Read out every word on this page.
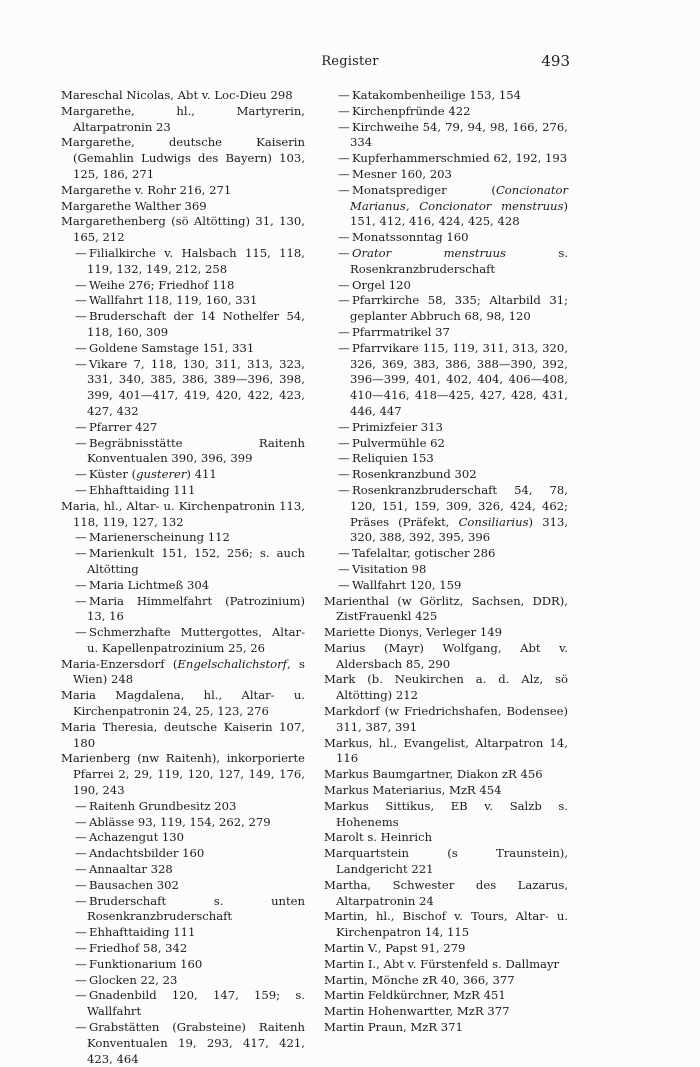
Register	493

Mareschal Nicolas, Abt v. Loc-Dieu 298

Margarethe, hl., Martyrerin, Altarpatronin 23

Margarethe, deutsche Kaiserin (Gemahlin Ludwigs des Bayern) 103, 125, 186, 271

Margarethe v. Rohr 216, 271

Margarethe Walther 369

Margarethenberg (sö Altötting) 31, 130, 165, 212

— Filialkirche v. Halsbach 115, 118, 119, 132, 149, 212, 258

— Weihe 276; Friedhof 118

— Wallfahrt 118, 119, 160, 331

— Bruderschaft der 14 Nothelfer 54, 118, 160, 309

— Goldene Samstage 151, 331

— Vikare 7, 118, 130, 311, 313, 323, 331, 340, 385, 386, 389—396, 398, 399, 401—417, 419, 420, 422, 423, 427, 432

— Pfarrer 427

— Begräbnisstätte Raitenh Konventualen 390, 396, 399

— Küster (gusterer) 411

— Ehhafttaiding 111

Maria, hl., Altar- u. Kirchenpatronin 113, 118, 119, 127, 132

— Marienerscheinung 112

— Marienkult 151, 152, 256; s. auch Altötting

— Maria Lichtmeß 304

— Maria Himmelfahrt (Patrozinium) 13, 16

— Schmerzhafte Muttergottes, Altar- u. Kapellenpatrozinium 25, 26

Maria-Enzersdorf (Engelschalichstorf, s Wien) 248

Maria Magdalena, hl., Altar- u. Kirchenpatronin 24, 25, 123, 276

Maria Theresia, deutsche Kaiserin 107, 180

Marienberg (nw Raitenh), inkorporierte Pfarrei 2, 29, 119, 120, 127, 149, 176, 190, 243

— Raitenh Grundbesitz 203

— Ablässe 93, 119, 154, 262, 279

— Achazengut 130

— Andachtsbilder 160

— Annaaltar 328

— Bausachen 302

— Bruderschaft s. unten Rosenkranzbruderschaft

— Ehhafttaiding 111

— Friedhof 58, 342

— Funktionarium 160

— Glocken 22, 23

— Gnadenbild 120, 147, 159; s. Wallfahrt

— Grabstätten (Grabsteine) Raitenh Konventualen 19, 293, 417, 421, 423, 464

— Katakombenheilige 153, 154

— Kirchenpfründe 422

— Kirchweihe 54, 79, 94, 98, 166, 276, 334

— Kupferhammerschmied 62, 192, 193

— Mesner 160, 203

— Monatsprediger (Concionator Marianus, Concionator menstruus) 151, 412, 416, 424, 425, 428

— Monatssonntag 160

— Orator menstruus s. Rosenkranzbruderschaft

— Orgel 120

— Pfarrkirche 58, 335; Altarbild 31; geplanter Abbruch 68, 98, 120

— Pfarrmatrikel 37

— Pfarrvikare 115, 119, 311, 313, 320, 326, 369, 383, 386, 388—390, 392, 396—399, 401, 402, 404, 406—408, 410—416, 418—425, 427, 428, 431, 446, 447

— Primizfeier 313

— Pulvermühle 62

— Reliquien 153

— Rosenkranzbund 302

— Rosenkranzbruderschaft 54, 78, 120, 151, 159, 309, 326, 424, 462; Präses (Präfekt, Consiliarius) 313, 320, 388, 392, 395, 396

— Tafelaltar, gotischer 286

— Visitation 98

— Wallfahrt 120, 159

Marienthal (w Görlitz, Sachsen, DDR), ZistFrauenkl 425

Mariette Dionys, Verleger 149

Marius (Mayr) Wolfgang, Abt v. Aldersbach 85, 290

Mark (b. Neukirchen a. d. Alz, sö Altötting) 212

Markdorf (w Friedrichshafen, Bodensee) 311, 387, 391

Markus, hl., Evangelist, Altarpatron 14, 116

Markus Baumgartner, Diakon zR 456

Markus Materiarius, MzR 454

Markus Sittikus, EB v. Salzb s. Hohenems

Marolt s. Heinrich

Marquartstein (s Traunstein), Landgericht 221

Martha, Schwester des Lazarus, Altarpatronin 24

Martin, hl., Bischof v. Tours, Altar- u. Kirchenpatron 14, 115

Martin V., Papst 91, 279

Martin I., Abt v. Fürstenfeld s. Dallmayr

Martin, Mönche zR 40, 366, 377

Martin Feldkürchner, MzR 451

Martin Hohenwartter, MzR 377

Martin Praun, MzR 371
